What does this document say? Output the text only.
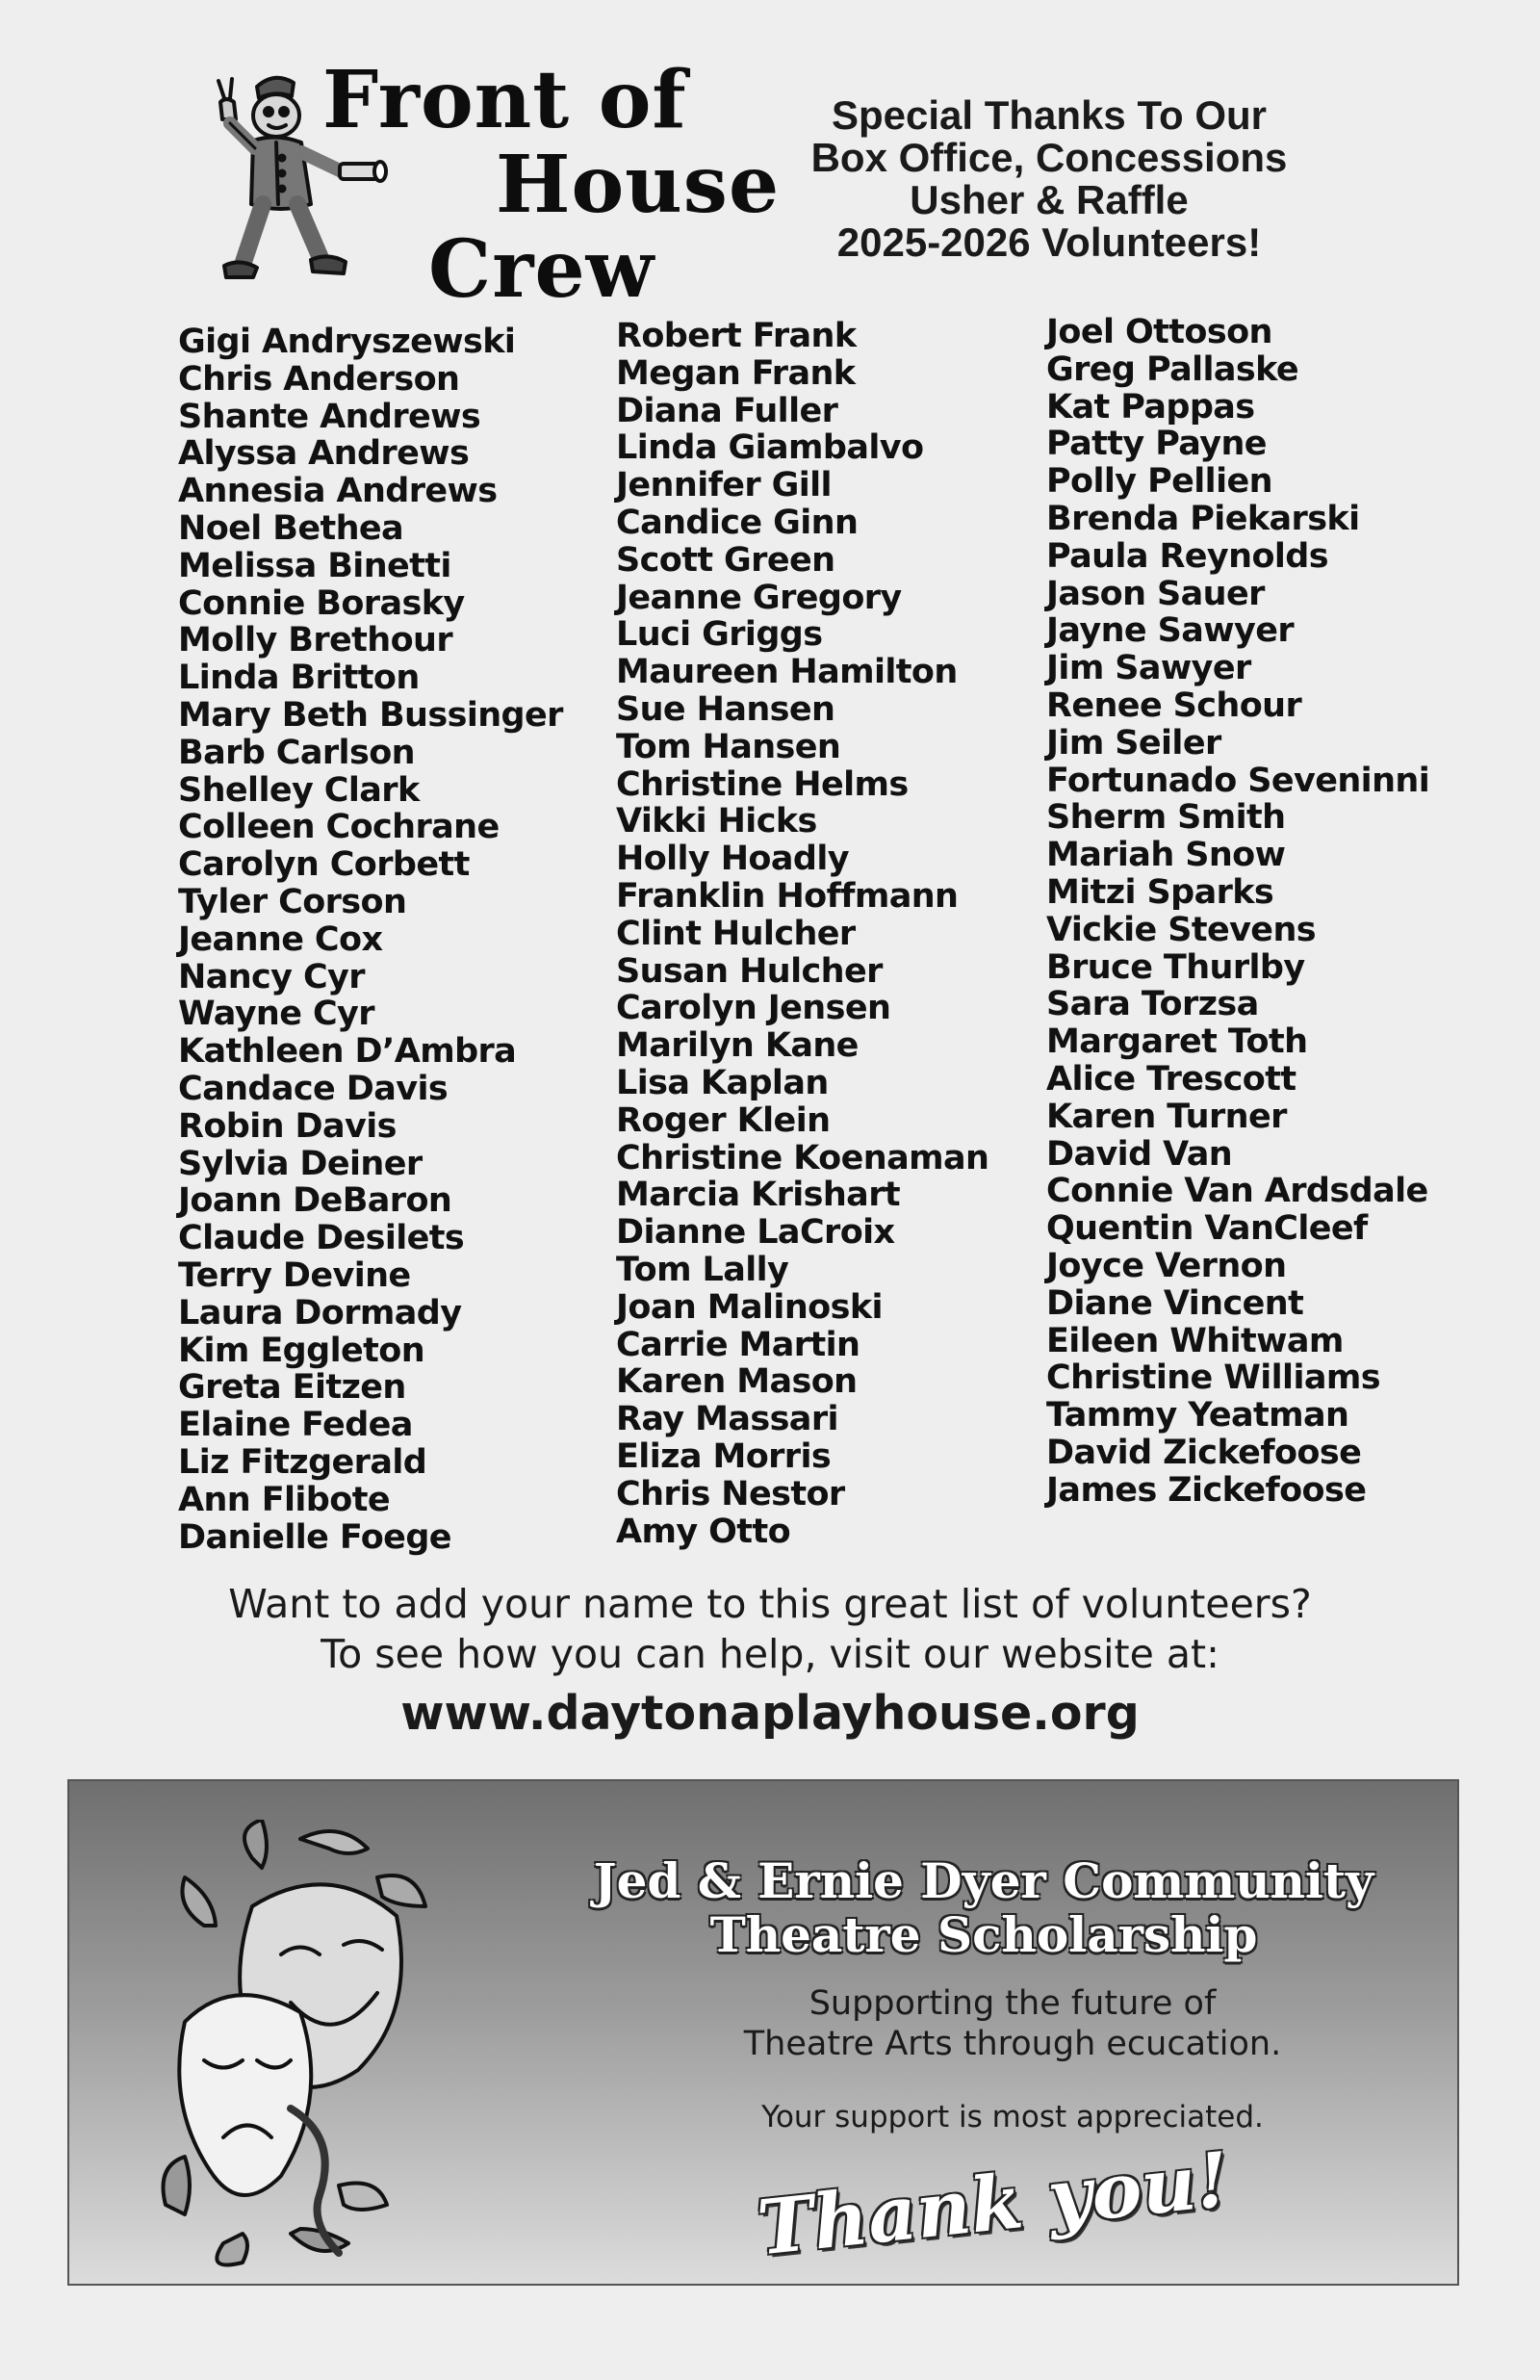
Front of
House
Crew
Special Thanks To Our
Box Office, Concessions
Usher & Raffle
2025-2026 Volunteers!
Gigi Andryszewski
Chris Anderson
Shante Andrews
Alyssa Andrews
Annesia Andrews
Noel Bethea
Melissa Binetti
Connie Borasky
Molly Brethour
Linda Britton
Mary Beth Bussinger
Barb Carlson
Shelley Clark
Colleen Cochrane
Carolyn Corbett
Tyler Corson
Jeanne Cox
Nancy Cyr
Wayne Cyr
Kathleen D’Ambra
Candace Davis
Robin Davis
Sylvia Deiner
Joann DeBaron
Claude Desilets
Terry Devine
Laura Dormady
Kim Eggleton
Greta Eitzen
Elaine Fedea
Liz Fitzgerald
Ann Flibote
Danielle Foege
Robert Frank
Megan Frank
Diana Fuller
Linda Giambalvo
Jennifer Gill
Candice Ginn
Scott Green
Jeanne Gregory
Luci Griggs
Maureen Hamilton
Sue Hansen
Tom Hansen
Christine Helms
Vikki Hicks
Holly Hoadly
Franklin Hoffmann
Clint Hulcher
Susan Hulcher
Carolyn Jensen
Marilyn Kane
Lisa Kaplan
Roger Klein
Christine Koenaman
Marcia Krishart
Dianne LaCroix
Tom Lally
Joan Malinoski
Carrie Martin
Karen Mason
Ray Massari
Eliza Morris
Chris Nestor
Amy Otto
Joel Ottoson
Greg Pallaske
Kat Pappas
Patty Payne
Polly Pellien
Brenda Piekarski
Paula Reynolds
Jason Sauer
Jayne Sawyer
Jim Sawyer
Renee Schour
Jim Seiler
Fortunado Seveninni
Sherm Smith
Mariah Snow
Mitzi Sparks
Vickie Stevens
Bruce Thurlby
Sara Torzsa
Margaret Toth
Alice Trescott
Karen Turner
David Van
Connie Van Ardsdale
Quentin VanCleef
Joyce Vernon
Diane Vincent
Eileen Whitwam
Christine Williams
Tammy Yeatman
David Zickefoose
James Zickefoose
Want to add your name to this great list of volunteers?
To see how you can help, visit our website at:
www.daytonaplayhouse.org
Jed & Ernie Dyer Community
Theatre Scholarship
Supporting the future of
Theatre Arts through ecucation.
Your support is most appreciated.
Thank you!
